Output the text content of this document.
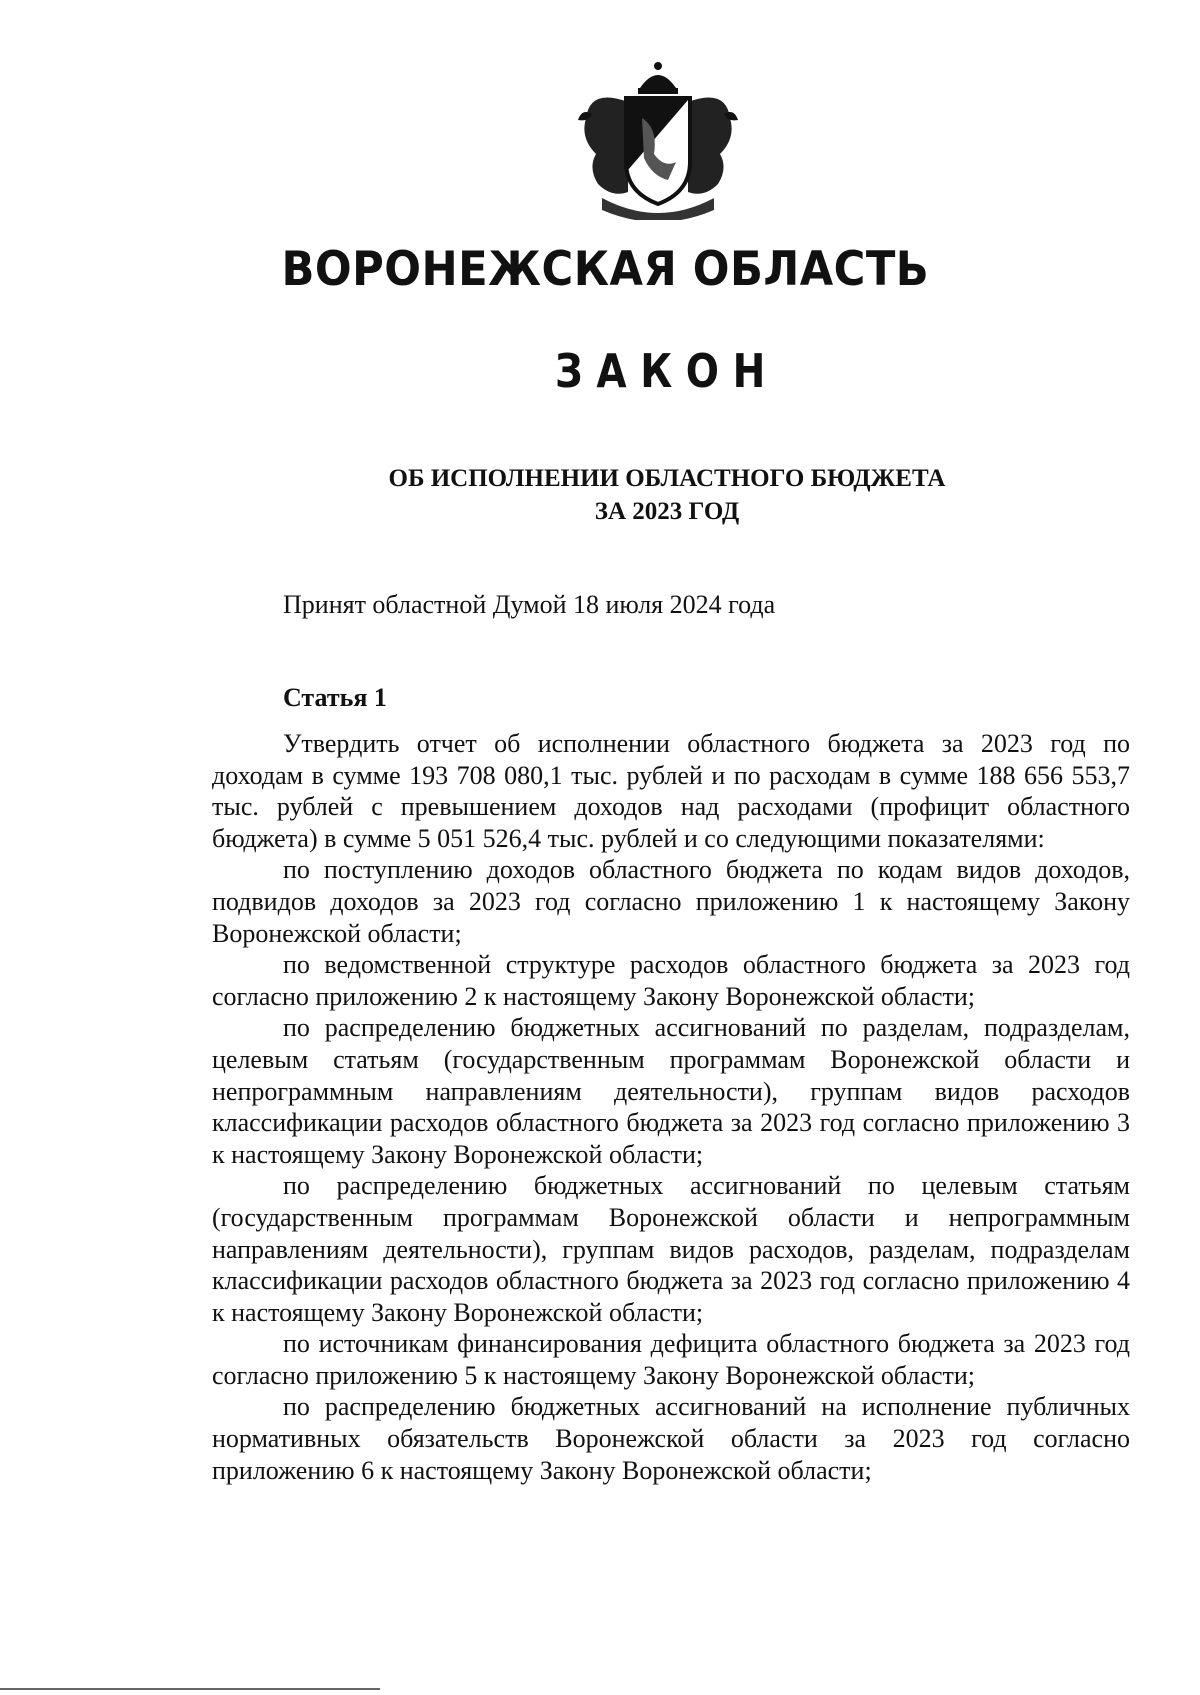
ВОРОНЕЖСКАЯ ОБЛАСТЬ
ЗАКОН
ОБ ИСПОЛНЕНИИ ОБЛАСТНОГО БЮДЖЕТА
ЗА 2023 ГОД

Принят областной Думой 18 июля 2024 года

Статья 1

Утвердить отчет об исполнении областного бюджета за 2023 год по доходам в сумме 193 708 080,1 тыс. рублей и по расходам в сумме 188 656 553,7 тыс. рублей с превышением доходов над расходами (профицит областного бюджета) в сумме 5 051 526,4 тыс. рублей и со следующими показателями:

по поступлению доходов областного бюджета по кодам видов доходов, подвидов доходов за 2023 год согласно приложению 1 к настоящему Закону Воронежской области;

по ведомственной структуре расходов областного бюджета за 2023 год согласно приложению 2 к настоящему Закону Воронежской области;

по распределению бюджетных ассигнований по разделам, подразделам, целевым статьям (государственным программам Воронежской области и непрограммным направлениям деятельности), группам видов расходов классификации расходов областного бюджета за 2023 год согласно приложению 3 к настоящему Закону Воронежской области;

по распределению бюджетных ассигнований по целевым статьям (государственным программам Воронежской области и непрограммным направлениям деятельности), группам видов расходов, разделам, подразделам классификации расходов областного бюджета за 2023 год согласно приложению 4 к настоящему Закону Воронежской области;

по источникам финансирования дефицита областного бюджета за 2023 год согласно приложению 5 к настоящему Закону Воронежской области;

по распределению бюджетных ассигнований на исполнение публичных нормативных обязательств Воронежской области за 2023 год согласно приложению 6 к настоящему Закону Воронежской области;
